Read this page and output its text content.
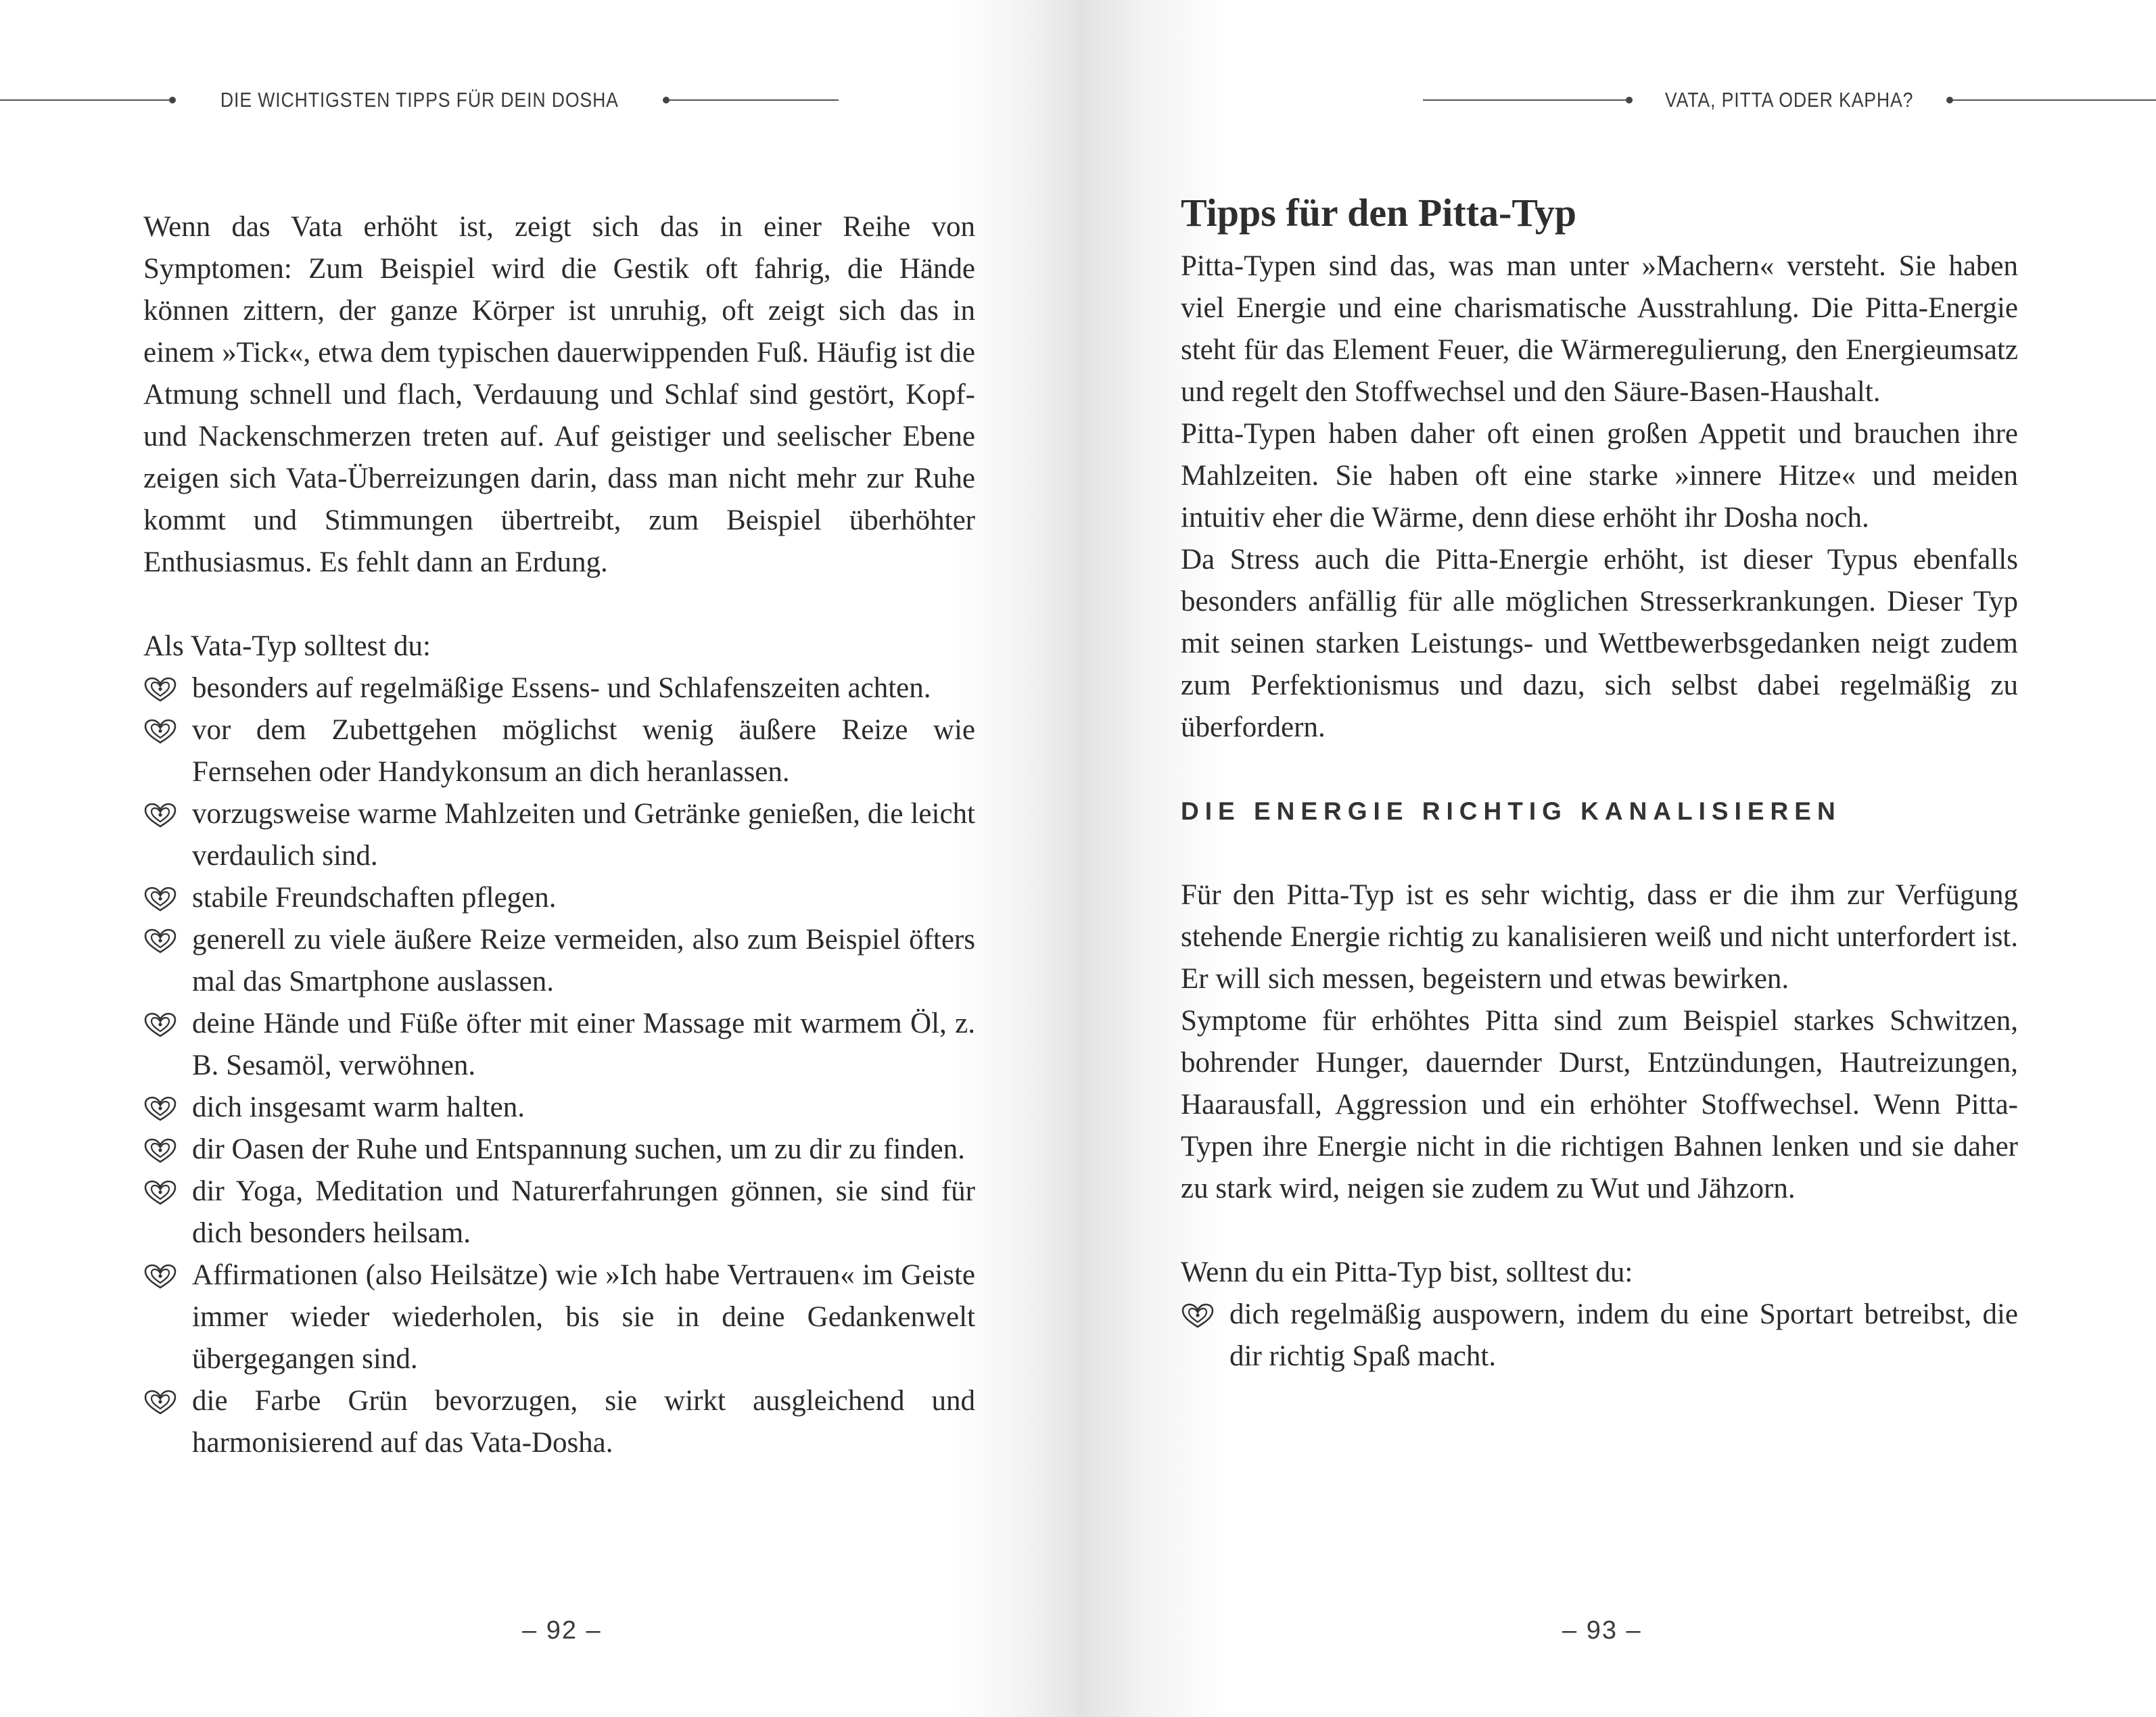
DIE WICHTIGSTEN TIPPS FÜR DEIN DOSHA

Wenn das Vata erhöht ist, zeigt sich das in einer Reihe von Symptomen: Zum Beispiel wird die Gestik oft fahrig, die Hände können zittern, der ganze Körper ist unruhig, oft zeigt sich das in einem »Tick«, etwa dem typischen dauerwippenden Fuß. Häufig ist die Atmung schnell und flach, Verdauung und Schlaf sind gestört, Kopf- und Nackenschmerzen treten auf. Auf geistiger und seelischer Ebene zeigen sich Vata-Überreizungen darin, dass man nicht mehr zur Ruhe kommt und Stimmungen übertreibt, zum Beispiel überhöhter Enthusiasmus. Es fehlt dann an Erdung.

Als Vata-Typ solltest du:

besonders auf regelmäßige Essens- und Schlafenszeiten achten.
vor dem Zubettgehen möglichst wenig äußere Reize wie Fernsehen oder Handykonsum an dich heranlassen.
vorzugsweise warme Mahlzeiten und Getränke genießen, die leicht verdaulich sind.
stabile Freundschaften pflegen.
generell zu viele äußere Reize vermeiden, also zum Beispiel öfters mal das Smartphone auslassen.
deine Hände und Füße öfter mit einer Massage mit warmem Öl, z. B. Sesamöl, verwöhnen.
dich insgesamt warm halten.
dir Oasen der Ruhe und Entspannung suchen, um zu dir zu finden.
dir Yoga, Meditation und Naturerfahrungen gönnen, sie sind für dich besonders heilsam.
Affirmationen (also Heilsätze) wie »Ich habe Vertrauen« im Geiste immer wieder wiederholen, bis sie in deine Gedankenwelt übergegangen sind.
die Farbe Grün bevorzugen, sie wirkt ausgleichend und harmonisierend auf das Vata-Dosha.
– 92 –
VATA, PITTA ODER KAPHA?
Tipps für den Pitta-Typ

Pitta-Typen sind das, was man unter »Machern« versteht. Sie haben viel Energie und eine charismatische Ausstrahlung. Die Pitta-Energie steht für das Element Feuer, die Wärmeregulierung, den Energieumsatz und regelt den Stoffwechsel und den Säure-Basen-Haushalt.

Pitta-Typen haben daher oft einen großen Appetit und brauchen ihre Mahlzeiten. Sie haben oft eine starke »innere Hitze« und meiden intuitiv eher die Wärme, denn diese erhöht ihr Dosha noch.

Da Stress auch die Pitta-Energie erhöht, ist dieser Typus ebenfalls besonders anfällig für alle möglichen Stresserkrankungen. Dieser Typ mit seinen starken Leistungs- und Wettbewerbsgedanken neigt zudem zum Perfektionismus und dazu, sich selbst dabei regelmäßig zu überfordern.

DIE ENERGIE RICHTIG KANALISIEREN

Für den Pitta-Typ ist es sehr wichtig, dass er die ihm zur Verfügung stehende Energie richtig zu kanalisieren weiß und nicht unterfordert ist. Er will sich messen, begeistern und etwas bewirken.

Symptome für erhöhtes Pitta sind zum Beispiel starkes Schwitzen, bohrender Hunger, dauernder Durst, Entzündungen, Hautreizungen, Haarausfall, Aggression und ein erhöhter Stoffwechsel. Wenn Pitta-Typen ihre Energie nicht in die richtigen Bahnen lenken und sie daher zu stark wird, neigen sie zudem zu Wut und Jähzorn.

Wenn du ein Pitta-Typ bist, solltest du:

dich regelmäßig auspowern, indem du eine Sportart betreibst, die dir richtig Spaß macht.
– 93 –
